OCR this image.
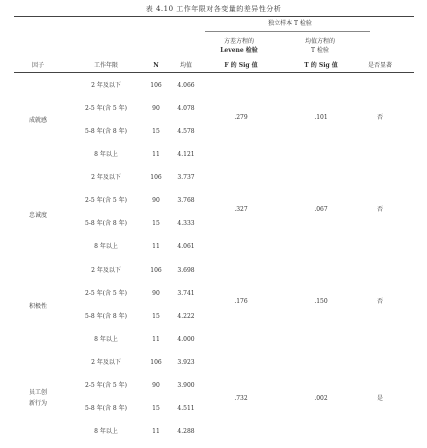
表 4.10 工作年限对各变量的差异性分析
独立样本 T 检验
方差方程的
Levene 检验
均值方程的
T 检验
因子	工作年限	N	均值	F 的 Sig 值	T 的 Sig 值	是否显著
成就感
2 年及以下	106	4.066
2-5 年(含 5 年)	90	4.078
5-8 年(含 8 年)	15	4.578
8 年以上	11	4.121
.279	.101	否
忠诚度
2 年及以下	106	3.737
2-5 年(含 5 年)	90	3.768
5-8 年(含 8 年)	15	4.333
8 年以上	11	4.061
.327	.067	否
积极性
2 年及以下	106	3.698
2-5 年(含 5 年)	90	3.741
5-8 年(含 8 年)	15	4.222
8 年以上	11	4.000
.176	.150	否
员工创
新行为
2 年及以下	106	3.923
2-5 年(含 5 年)	90	3.900
5-8 年(含 8 年)	15	4.511
8 年以上	11	4.288
.732	.002	是
